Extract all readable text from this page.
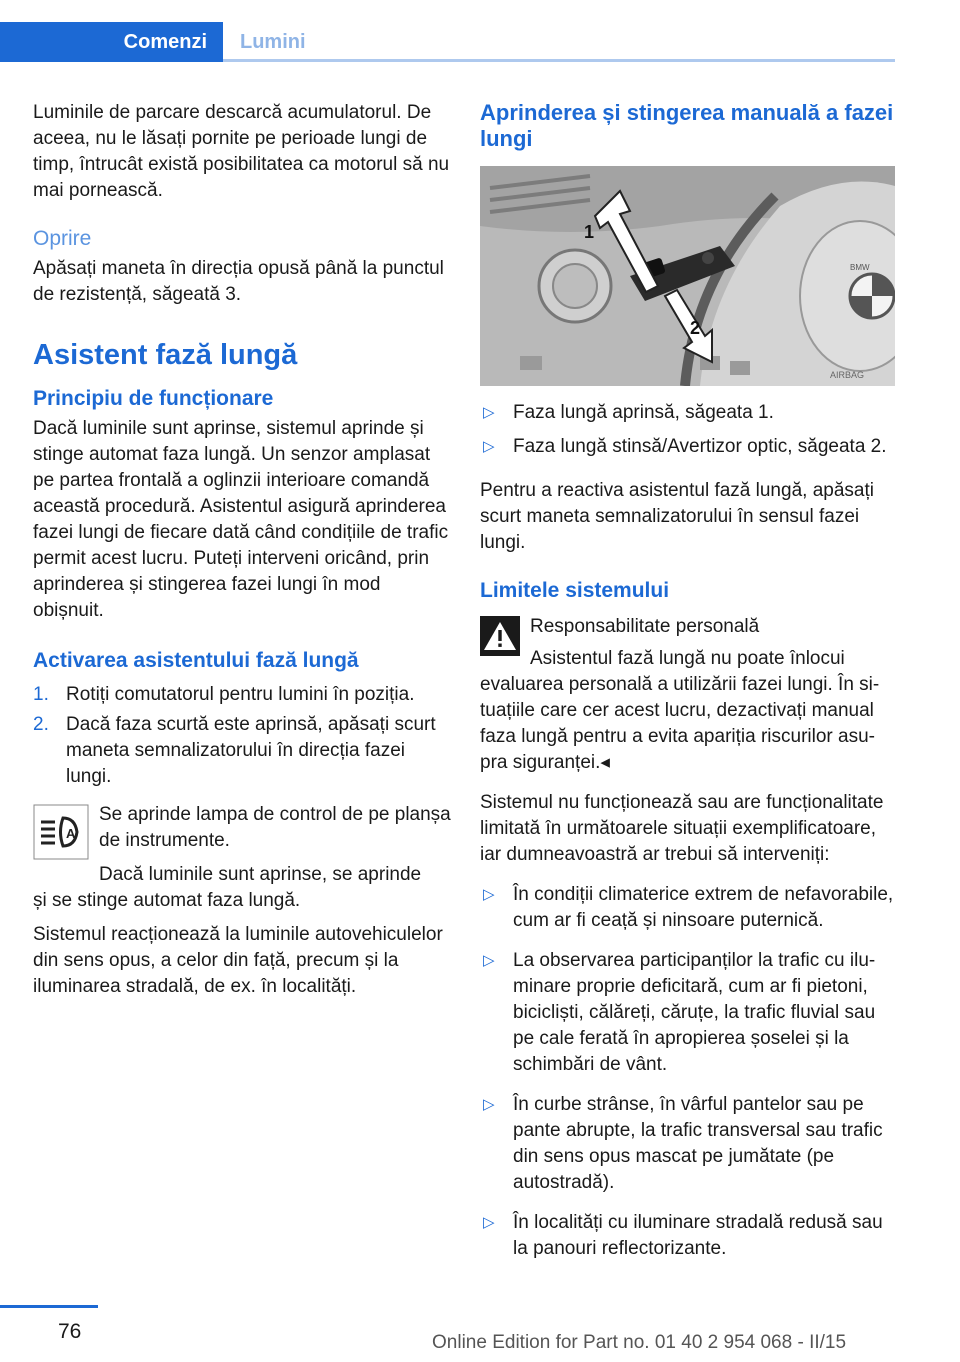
Comenzi Lumini

Luminile de parcare descarcă acumulatorul. De aceea, nu le lăsați pornite pe perioade lungi de timp, întrucât există posibilitatea ca motorul să nu mai pornească.

Oprire

Apăsați maneta în direcția opusă până la punctul de rezistență, săgeată 3.

Asistent fază lungă
Principiu de funcționare

Dacă luminile sunt aprinse, sistemul aprinde și stinge automat faza lungă. Un senzor amplasat pe partea frontală a oglinzii interioare comandă această procedură. Asistentul asigură aprinderea fazei lungi de fiecare dată când condițiile de trafic permit acest lucru. Puteți interveni oricând, prin aprinderea și stingerea fazei lungi în mod obișnuit.

Activarea asistentului fază lungă
1. Rotiți comutatorul pentru lumini în poziția.
2. Dacă faza scurtă este aprinsă, apăsați scurt maneta semnalizatorului în direcția fazei lungi.
A

Se aprinde lampa de control de pe planșa de instrumente.

Dacă luminile sunt aprinse, se aprinde

și se stinge automat faza lungă.

Sistemul reacționează la luminile autovehiculelor din sens opus, a celor din față, precum și la iluminarea stradală, de ex. în localități.

Aprinderea și stingerea manuală a fazei lungi
BMW
AIRBAG
1
2
▷ Faza lungă aprinsă, săgeata 1.
▷ Faza lungă stinsă/Avertizor optic, săgeata 2.

Pentru a reactiva asistentul fază lungă, apăsați scurt maneta semnalizatorului în sensul fazei lungi.

Limitele sistemului

Responsabilitate personală

Asistentul fază lungă nu poate înlocui

evaluarea personală a utilizării fazei lungi. În situațiile care cer acest lucru, dezactivați manual faza lungă pentru a evita apariția riscurilor asupra siguranței.◂

Sistemul nu funcționează sau are funcționalitate limitată în următoarele situații exemplificatoare, iar dumneavoastră ar trebui să interveniți:

▷ În condiții climaterice extrem de nefavorabile, cum ar fi ceață și ninsoare puternică.
▷ La observarea participanților la trafic cu iluminare proprie deficitară, cum ar fi pietoni, bicicliști, călăreți, căruțe, la trafic fluvial sau pe cale ferată în apropierea șoselei și la schimbări de vânt.
▷ În curbe strânse, în vârful pantelor sau pe pante abrupte, la trafic transversal sau trafic din sens opus mascat pe jumătate (pe autostradă).
▷ În localități cu iluminare stradală redusă sau la panouri reflectorizante.
76	Online Edition for Part no. 01 40 2 954 068 - II/15
